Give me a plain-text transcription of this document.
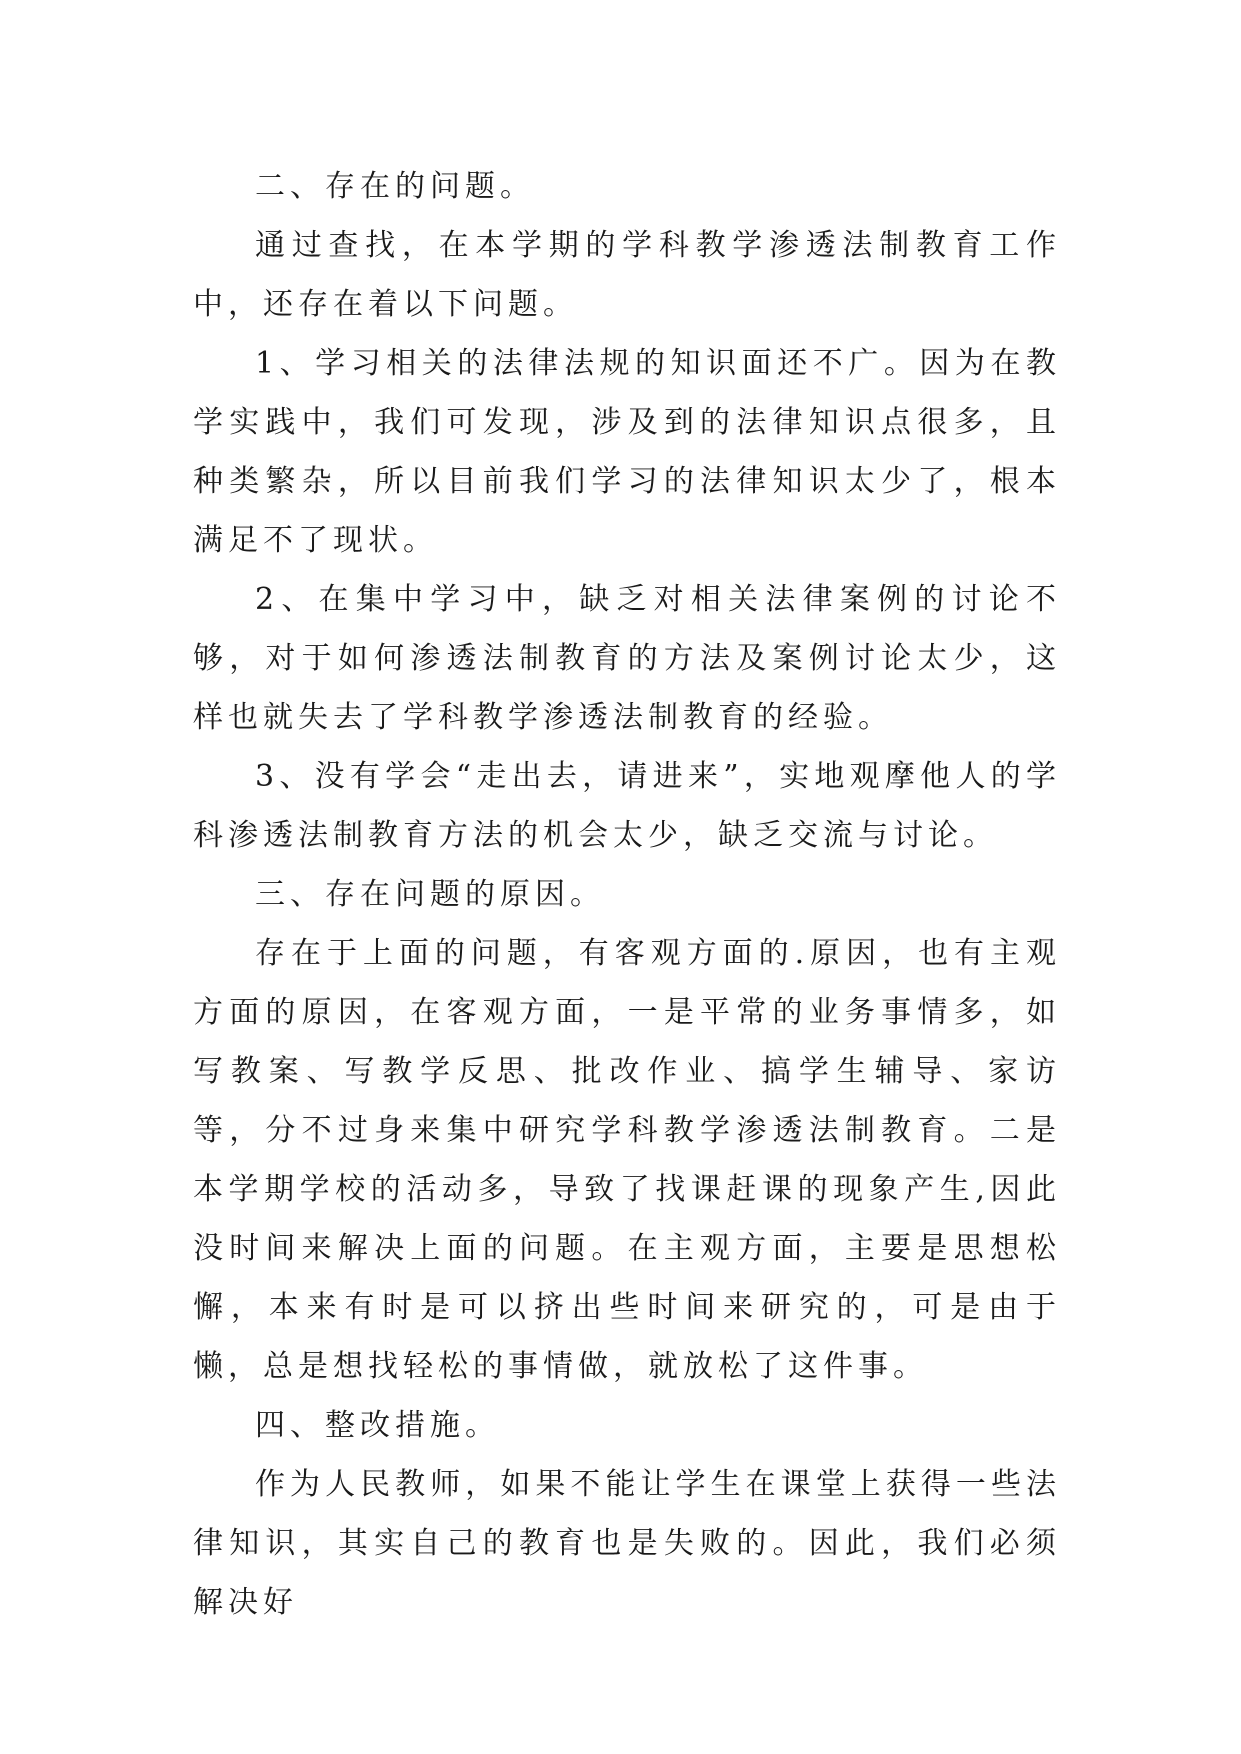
二、存在的问题。

通过查找，在本学期的学科教学渗透法制教育工作中，还存在着以下问题。

1、学习相关的法律法规的知识面还不广。因为在教学实践中，我们可发现，涉及到的法律知识点很多，且种类繁杂，所以目前我们学习的法律知识太少了，根本满足不了现状。

2、在集中学习中，缺乏对相关法律案例的讨论不够，对于如何渗透法制教育的方法及案例讨论太少，这样也就失去了学科教学渗透法制教育的经验。

3、没有学会“走出去，请进来”，实地观摩他人的学科渗透法制教育方法的机会太少，缺乏交流与讨论。

三、存在问题的原因。

存在于上面的问题，有客观方面的.原因，也有主观方面的原因，在客观方面，一是平常的业务事情多，如写教案、写教学反思、批改作业、搞学生辅导、家访等，分不过身来集中研究学科教学渗透法制教育。二是本学期学校的活动多，导致了找课赶课的现象产生,因此没时间来解决上面的问题。在主观方面，主要是思想松懈，本来有时是可以挤出些时间来研究的，可是由于懒，总是想找轻松的事情做，就放松了这件事。

四、整改措施。

作为人民教师，如果不能让学生在课堂上获得一些法律知识，其实自己的教育也是失败的。因此，我们必须解决好
